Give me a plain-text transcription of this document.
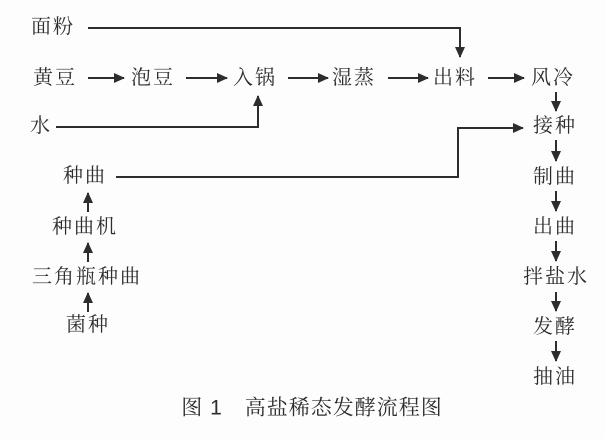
面粉
黄豆	泡豆	入锅	湿蒸	出料	风冷
水	接种
种曲	制曲
种曲机	出曲
三角瓶种曲	拌盐水
菌种	发酵
抽油
图 1 高盐稀态发酵流程图
